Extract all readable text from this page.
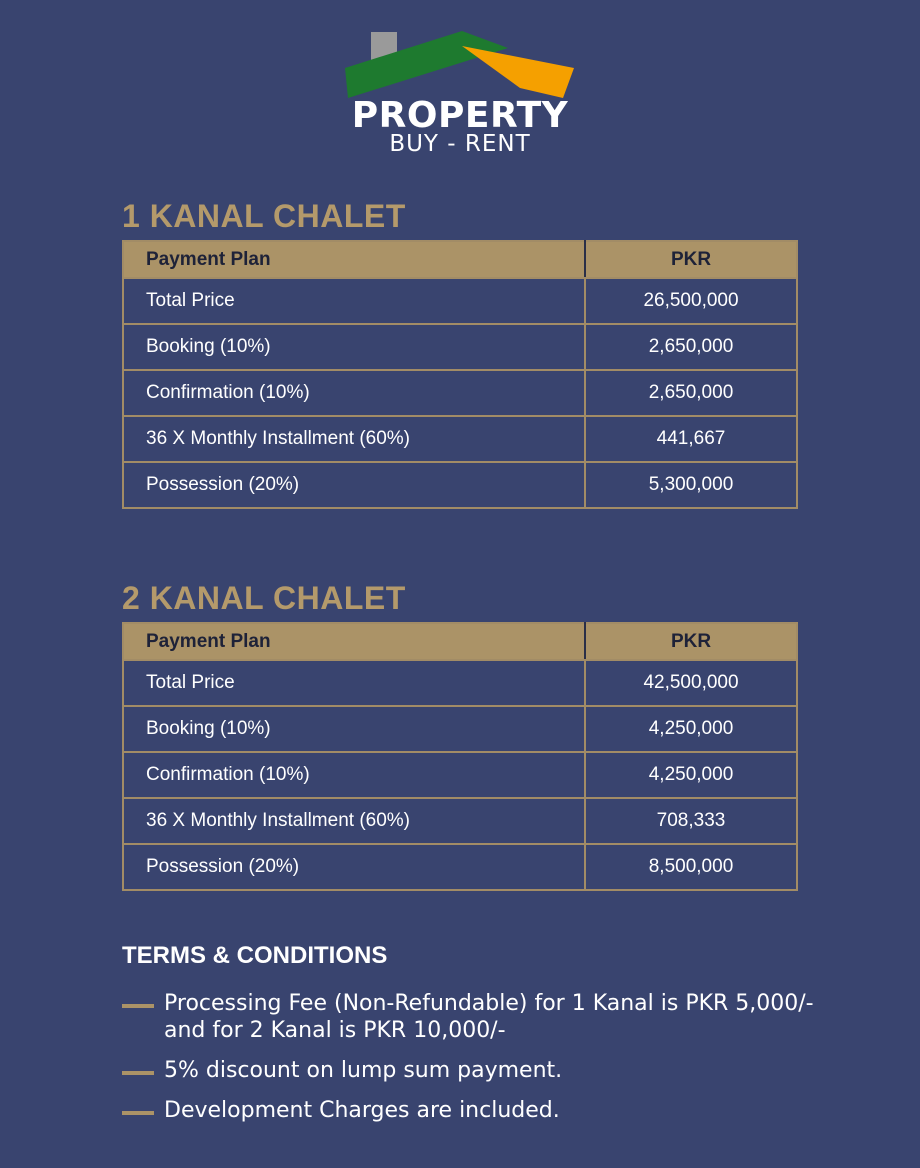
PROPERTY
BUY - RENT
1 KANAL CHALET
Payment Plan	PKR
Total Price	26,500,000
Booking (10%)	2,650,000
Confirmation (10%)	2,650,000
36 X Monthly Installment (60%)	441,667
Possession (20%)	5,300,000
2 KANAL CHALET
Payment Plan	PKR
Total Price	42,500,000
Booking (10%)	4,250,000
Confirmation (10%)	4,250,000
36 X Monthly Installment (60%)	708,333
Possession (20%)	8,500,000
TERMS & CONDITIONS
Processing Fee (Non-Refundable) for 1 Kanal is PKR 5,000/- and for 2 Kanal is PKR 10,000/-
5% discount on lump sum payment.
Development Charges are included.
